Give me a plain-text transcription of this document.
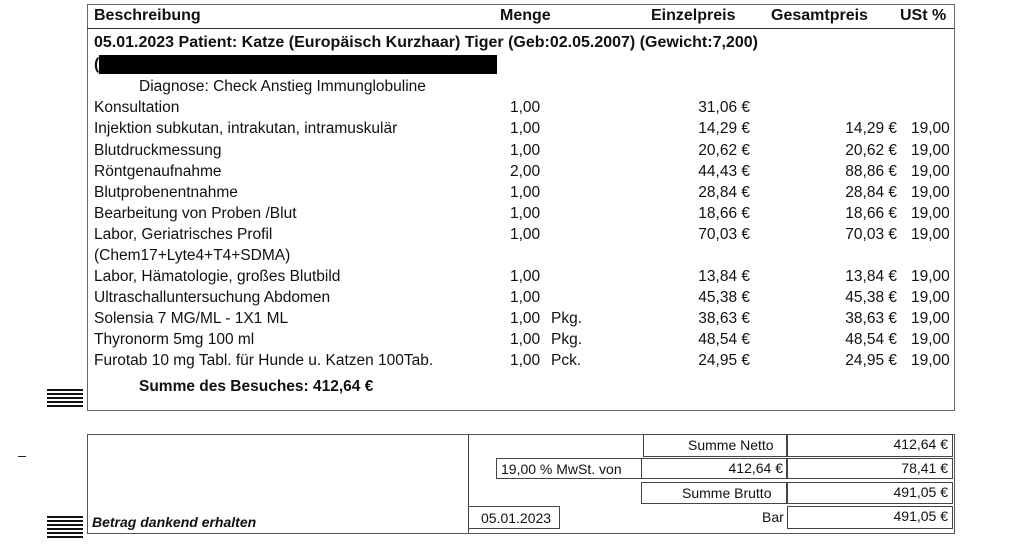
Beschreibung	Menge	Einzelpreis Gesamtpreis USt %
05.01.2023 Patient: Katze (Europäisch Kurzhaar) Tiger (Geb:02.05.2007) (Gewicht:7,200)
(
Diagnose: Check Anstieg Immunglobuline
Konsultation	1,00	31,06 €
Injektion subkutan, intrakutan, intramuskulär	1,00	14,29 €	14,29 € 19,00
Blutdruckmessung	1,00	20,62 €	20,62 € 19,00
Röntgenaufnahme	2,00	44,43 €	88,86 € 19,00
Blutprobenentnahme	1,00	28,84 €	28,84 € 19,00
Bearbeitung von Proben /Blut	1,00	18,66 €	18,66 € 19,00
Labor, Geriatrisches Profil	1,00	70,03 €	70,03 € 19,00
(Chem17+Lyte4+T4+SDMA)
Labor, Hämatologie, großes Blutbild	1,00	13,84 €	13,84 € 19,00
Ultraschalluntersuchung Abdomen	1,00	45,38 €	45,38 € 19,00
Solensia 7 MG/ML - 1X1 ML	1,00 Pkg.	38,63 €	38,63 € 19,00
Thyronorm 5mg 100 ml	1,00 Pkg.	48,54 €	48,54 € 19,00
Furotab 10 mg Tabl. für Hunde u. Katzen 100Tab.	1,00 Pck.	24,95 €	24,95 € 19,00
Summe des Besuches: 412,64 €
Summe Netto	412,64 €
19,00 % MwSt. von	412,64 €	78,41 €
Summe Brutto	491,05 €
Betrag dankend erhalten	05.01.2023	Bar	491,05 €
